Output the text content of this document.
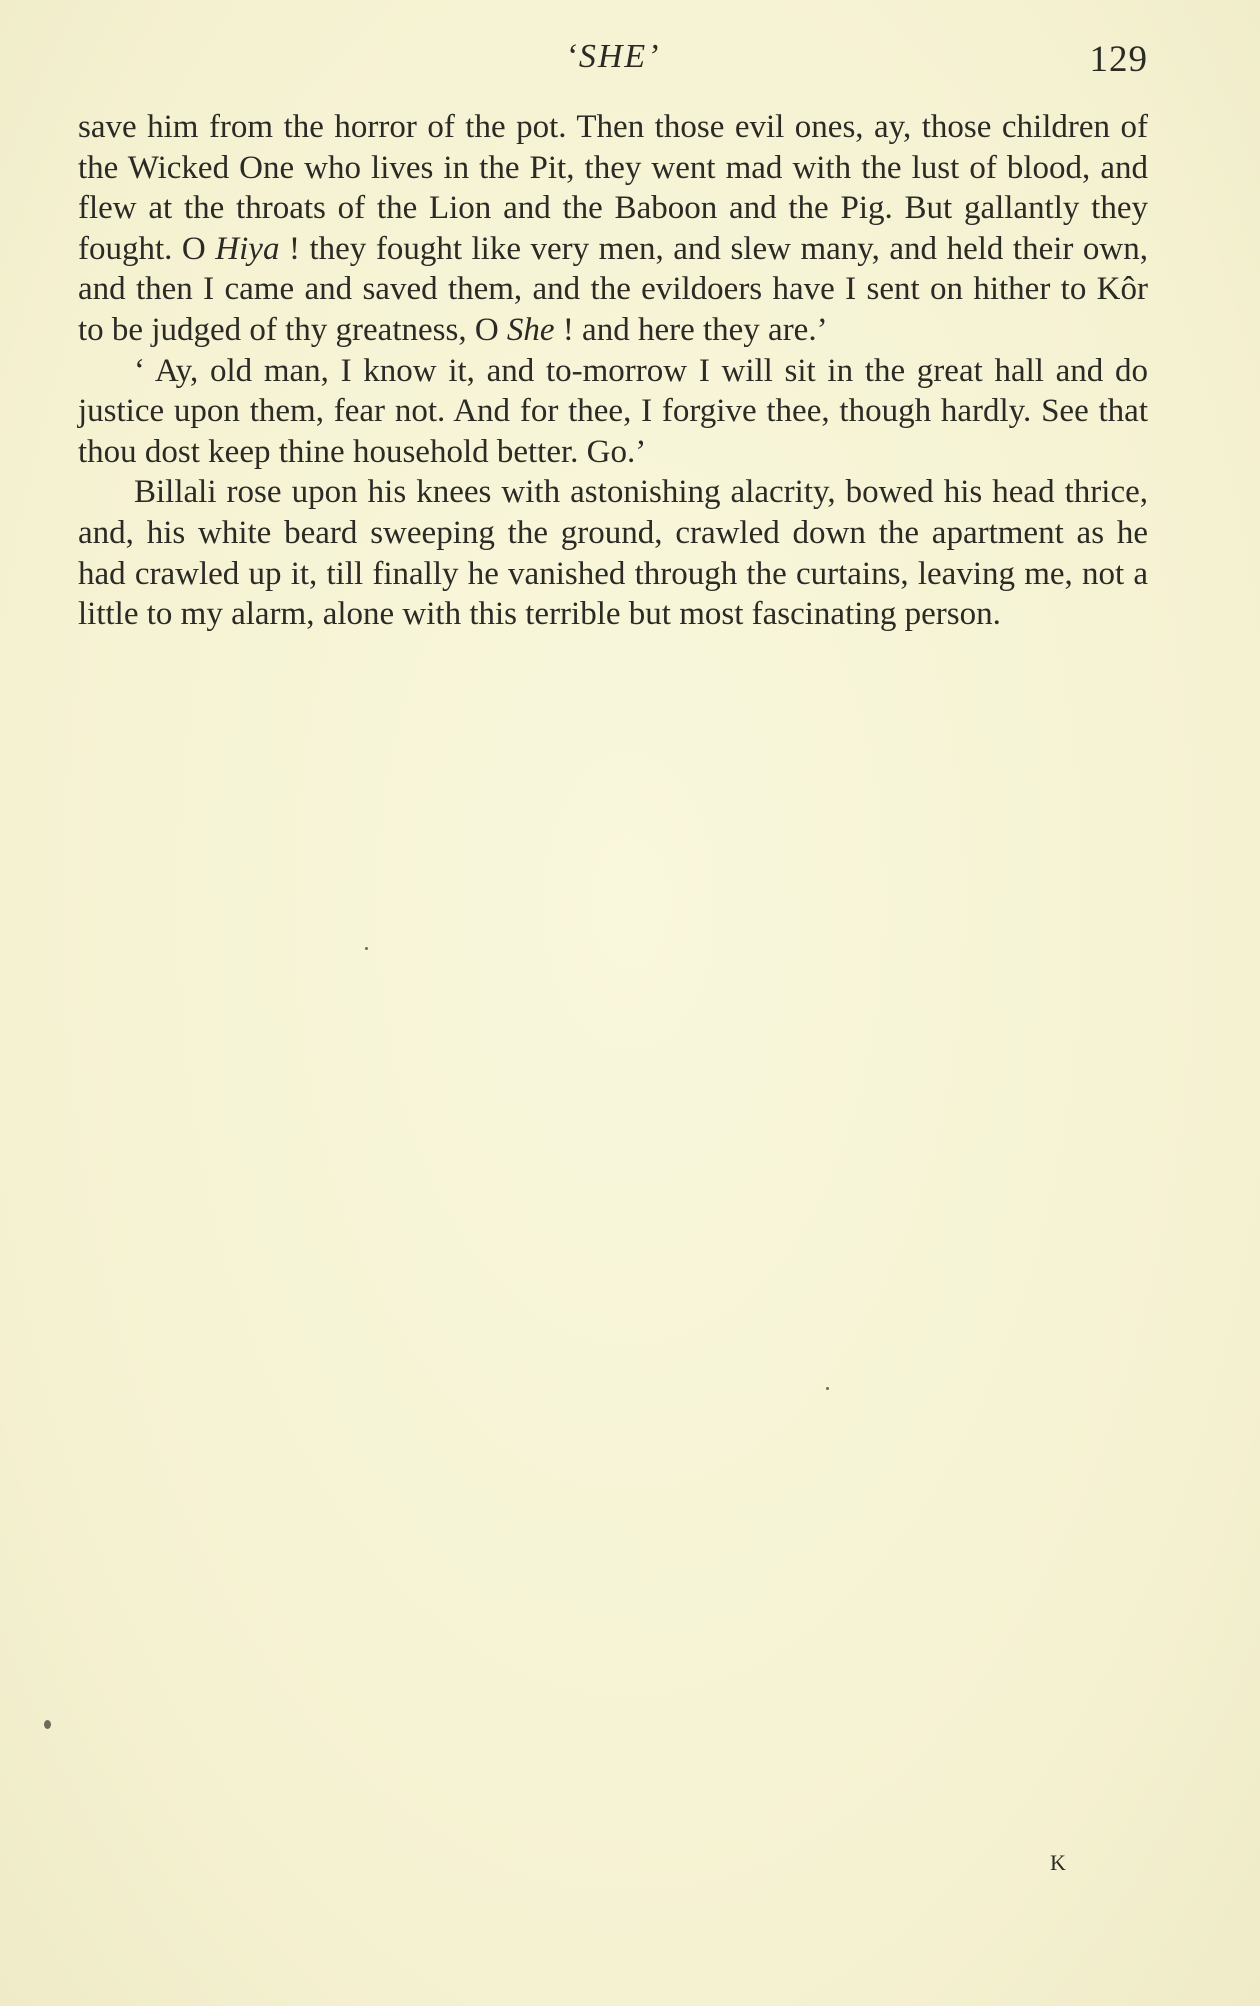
‘SHE’	129

save him from the horror of the pot. Then those evil ones, ay, those children of the Wicked One who lives in the Pit, they went mad with the lust of blood, and flew at the throats of the Lion and the Baboon and the Pig. But gallantly they fought. O Hiya ! they fought like very men, and slew many, and held their own, and then I came and saved them, and the evildoers have I sent on hither to Kôr to be judged of thy greatness, O She ! and here they are.’

‘ Ay, old man, I know it, and to-morrow I will sit in the great hall and do justice upon them, fear not. And for thee, I forgive thee, though hardly. See that thou dost keep thine household better. Go.’

Billali rose upon his knees with astonishing alacrity, bowed his head thrice, and, his white beard sweeping the ground, crawled down the apartment as he had crawled up it, till finally he vanished through the curtains, leaving me, not a little to my alarm, alone with this terrible but most fascinating person.

K
